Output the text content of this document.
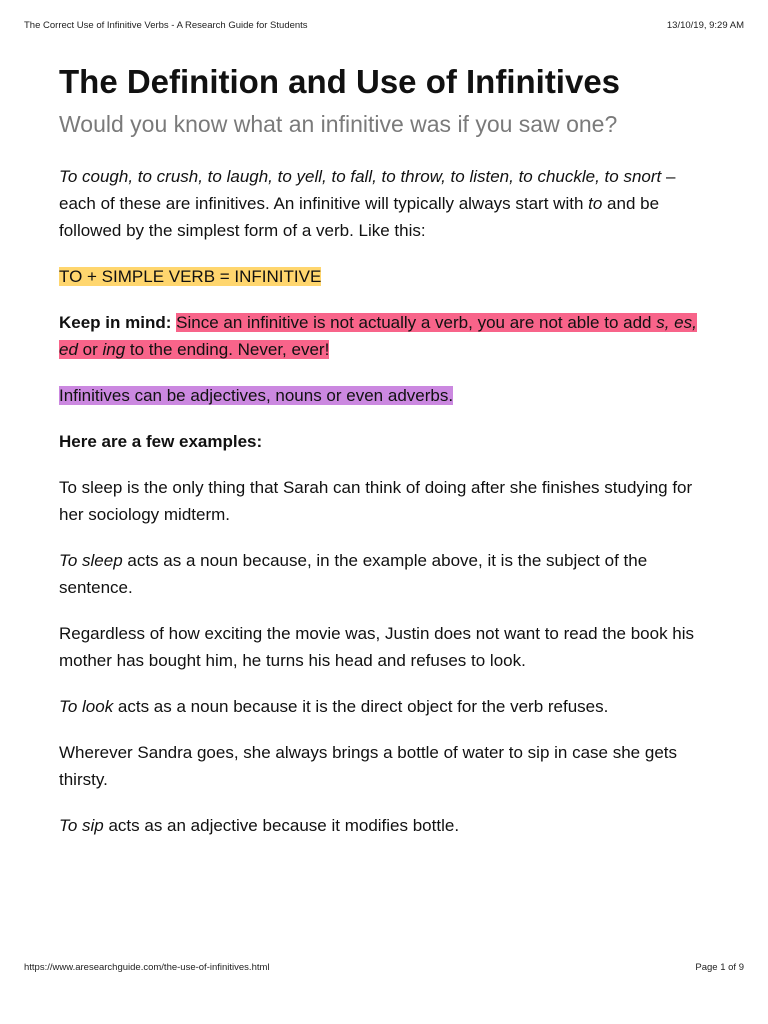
The Correct Use of Infinitive Verbs - A Research Guide for Students	13/10/19, 9:29 AM
The Definition and Use of Infinitives
Would you know what an infinitive was if you saw one?

To cough, to crush, to laugh, to yell, to fall, to throw, to listen, to chuckle, to snort – each of these are infinitives. An infinitive will typically always start with to and be followed by the simplest form of a verb. Like this:

TO + SIMPLE VERB = INFINITIVE

Keep in mind: Since an infinitive is not actually a verb, you are not able to add s, es, ed or ing to the ending. Never, ever!

Infinitives can be adjectives, nouns or even adverbs.

Here are a few examples:

To sleep is the only thing that Sarah can think of doing after she finishes studying for her sociology midterm.

To sleep acts as a noun because, in the example above, it is the subject of the sentence.

Regardless of how exciting the movie was, Justin does not want to read the book his mother has bought him, he turns his head and refuses to look.

To look acts as a noun because it is the direct object for the verb refuses.

Wherever Sandra goes, she always brings a bottle of water to sip in case she gets thirsty.

To sip acts as an adjective because it modifies bottle.

https://www.aresearchguide.com/the-use-of-infinitives.html	Page 1 of 9
